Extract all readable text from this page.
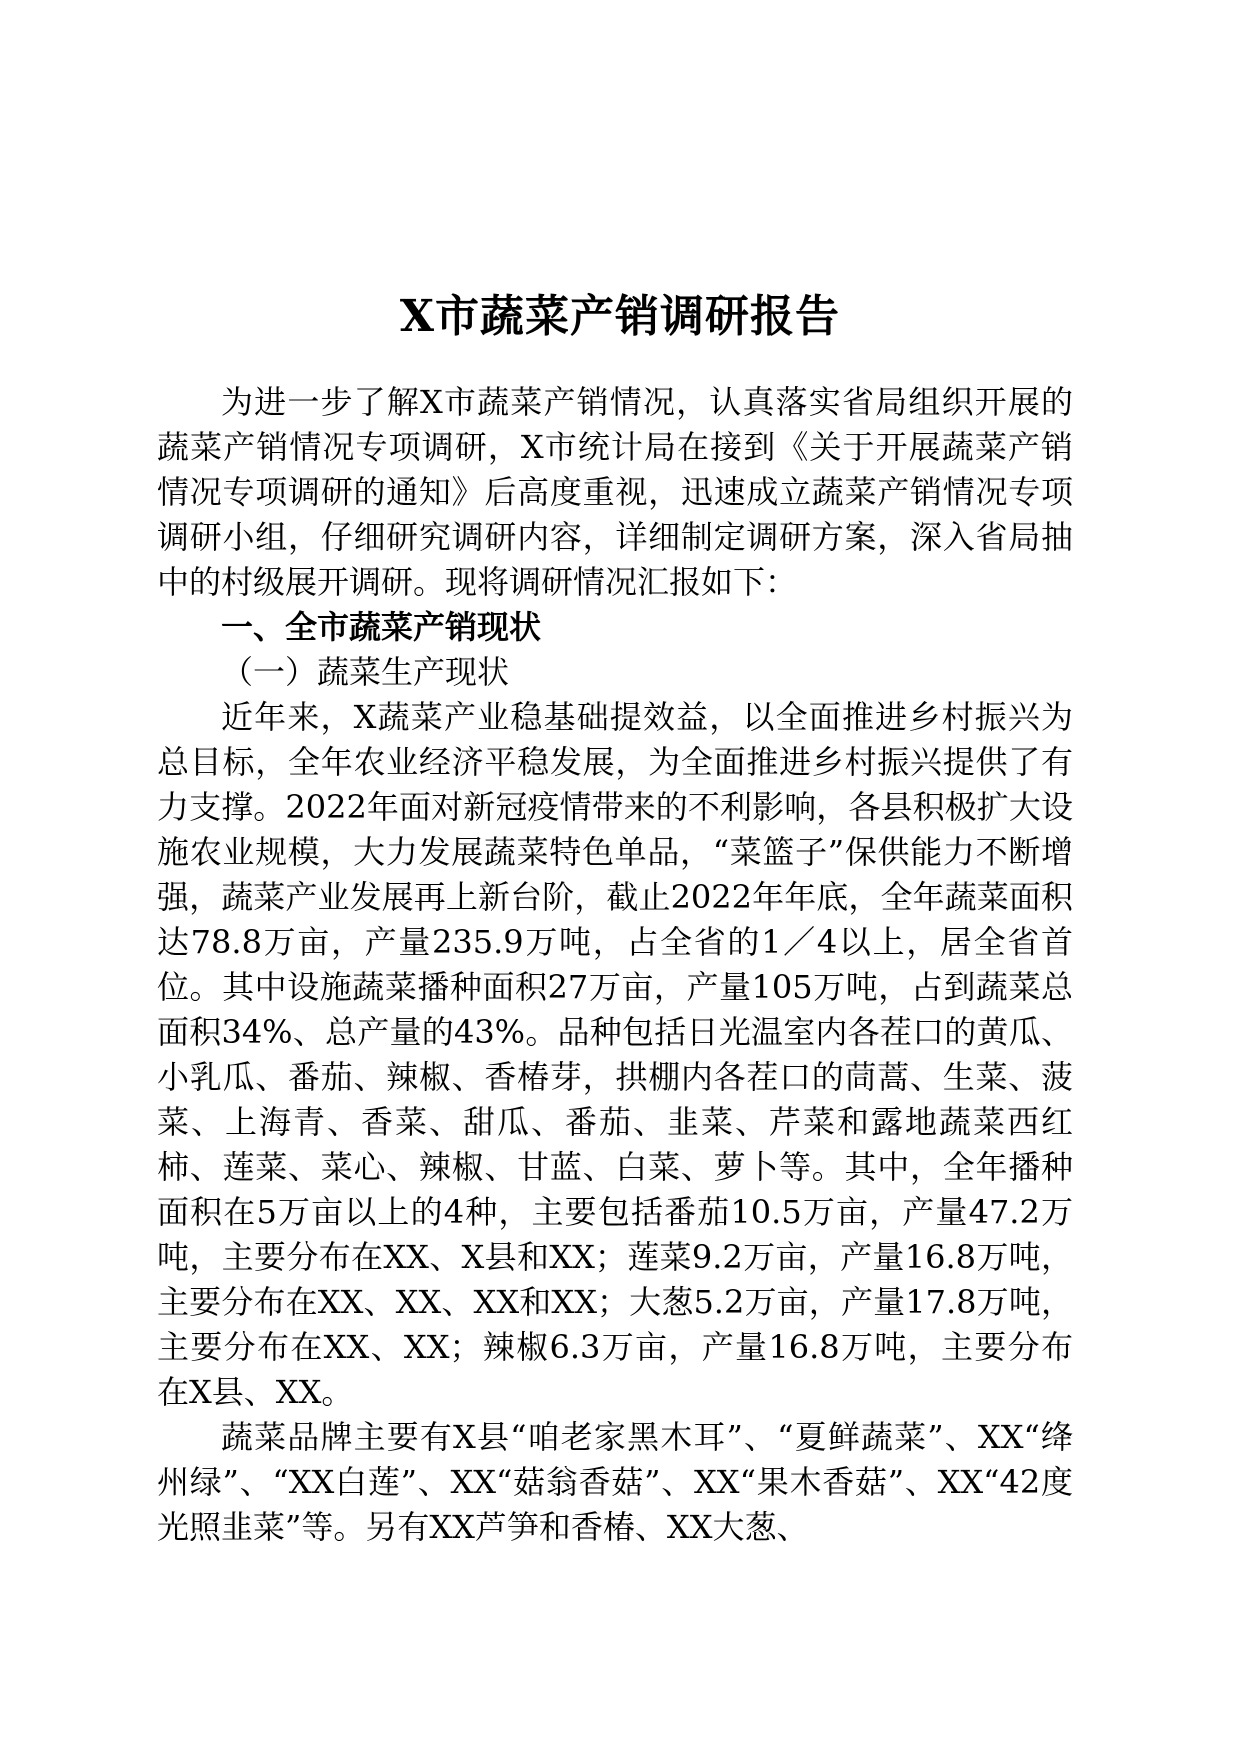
X市蔬菜产销调研报告

为进一步了解X市蔬菜产销情况，认真落实省局组织开展的蔬菜产销情况专项调研，X市统计局在接到《关于开展蔬菜产销情况专项调研的通知》后高度重视，迅速成立蔬菜产销情况专项调研小组，仔细研究调研内容，详细制定调研方案，深入省局抽中的村级展开调研。现将调研情况汇报如下：

一、全市蔬菜产销现状
（一）蔬菜生产现状

近年来，X蔬菜产业稳基础提效益，以全面推进乡村振兴为总目标，全年农业经济平稳发展，为全面推进乡村振兴提供了有力支撑。2022年面对新冠疫情带来的不利影响，各县积极扩大设施农业规模，大力发展蔬菜特色单品，“菜篮子”保供能力不断增强，蔬菜产业发展再上新台阶，截止2022年年底，全年蔬菜面积达78.8万亩，产量235.9万吨，占全省的1／4以上，居全省首位。其中设施蔬菜播种面积27万亩，产量105万吨，占到蔬菜总面积34%、总产量的43%。品种包括日光温室内各茬口的黄瓜、小乳瓜、番茄、辣椒、香椿芽，拱棚内各茬口的茼蒿、生菜、菠菜、上海青、香菜、甜瓜、番茄、韭菜、芹菜和露地蔬菜西红柿、莲菜、菜心、辣椒、甘蓝、白菜、萝卜等。其中，全年播种面积在5万亩以上的4种，主要包括番茄10.5万亩，产量47.2万吨，主要分布在XX、X县和XX；莲菜9.2万亩，产量16.8万吨，主要分布在XX、XX、XX和XX；大葱5.2万亩，产量17.8万吨，主要分布在XX、XX；辣椒6.3万亩，产量16.8万吨，主要分布在X县、XX。

蔬菜品牌主要有X县“咱老家黑木耳”、“夏鲜蔬菜”、XX“绛州绿”、“XX白莲”、XX“菇翁香菇”、XX“果木香菇”、XX“42度光照韭菜”等。另有XX芦笋和香椿、XX大葱、
